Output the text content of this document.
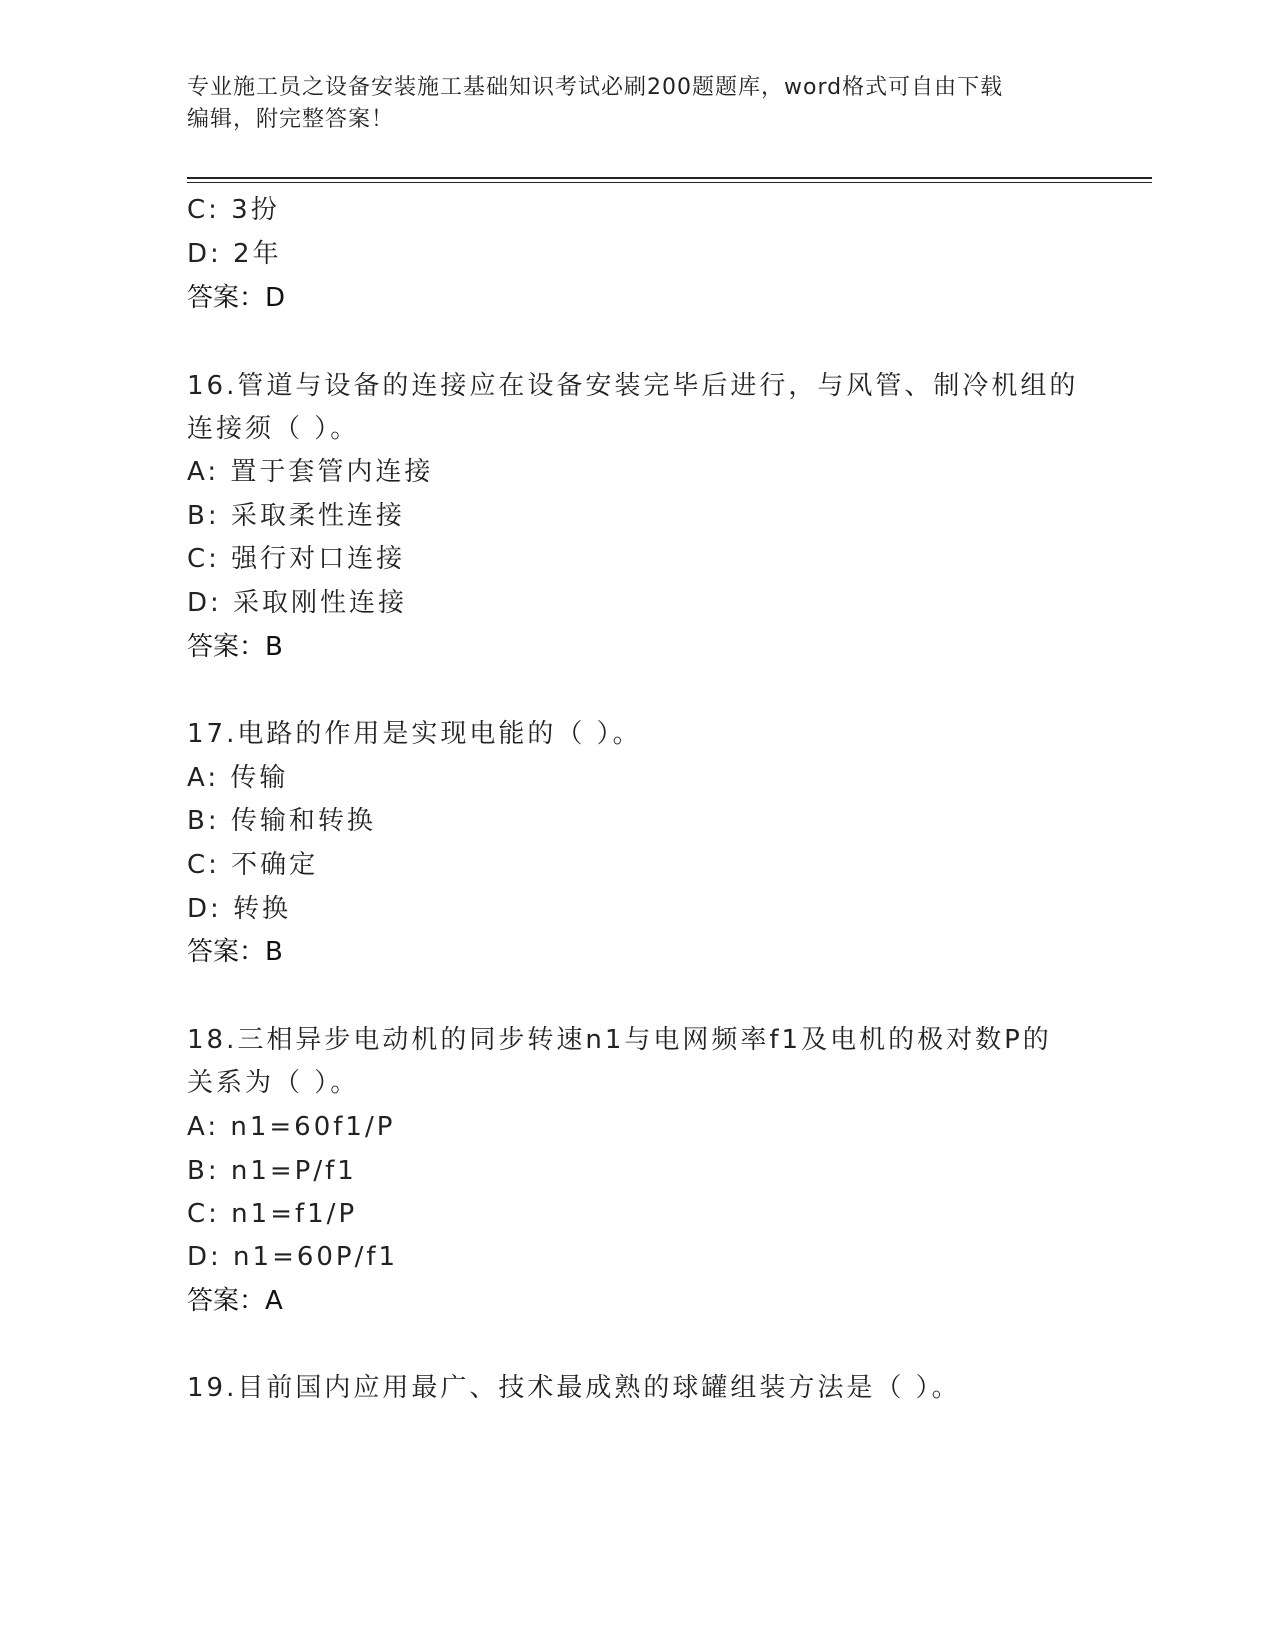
专业施工员之设备安装施工基础知识考试必刷200题题库，word格式可自由下载
编辑，附完整答案！
C: 3扮
D: 2年
答案：D
16.管道与设备的连接应在设备安装完毕后进行，与风管、制冷机组的
连接须（ ）。
A: 置于套管内连接
B: 采取柔性连接
C: 强行对口连接
D: 采取刚性连接
答案：B
17.电路的作用是实现电能的（ ）。
A: 传输
B: 传输和转换
C: 不确定
D: 转换
答案：B
18.三相异步电动机的同步转速n1与电网频率f1及电机的极对数P的
关系为（ ）。
A: n1=60f1/P
B: n1=P/f1
C: n1=f1/P
D: n1=60P/f1
答案：A
19.目前国内应用最广、技术最成熟的球罐组装方法是（ ）。
